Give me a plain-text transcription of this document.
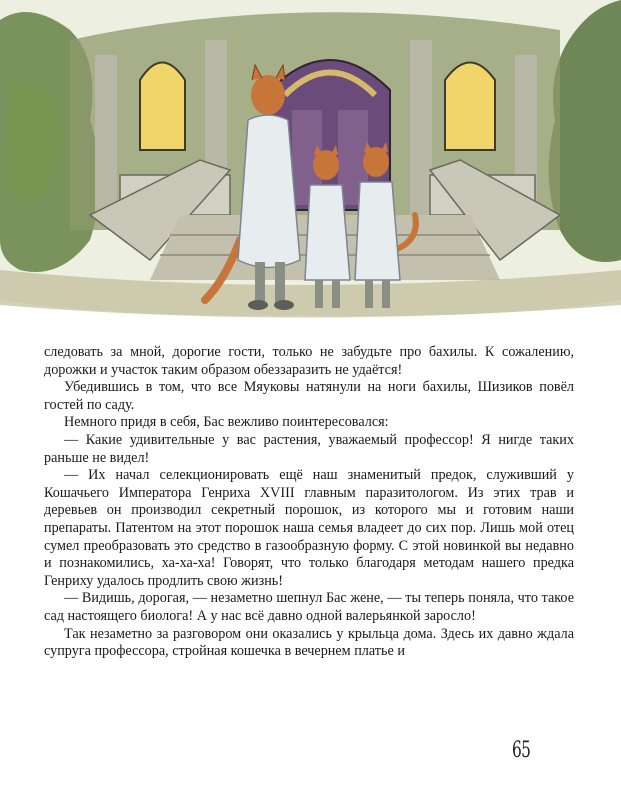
следовать за мной, дорогие гости, только не забудьте про бахилы. К сожалению, дорожки и участок таким образом обеззаразить не удаётся!

Убедившись в том, что все Мяуковы натянули на ноги бахилы, Шизиков повёл гостей по саду.

Немного придя в себя, Бас вежливо поинтересовался:

— Какие удивительные у вас растения, уважаемый профессор! Я нигде таких раньше не видел!

— Их начал селекционировать ещё наш знаменитый предок, служивший у Кошачьего Императора Генриха XVIII главным паразитологом. Из этих трав и деревьев он производил секретный порошок, из которого мы и готовим наши препараты. Патентом на этот порошок наша семья владеет до сих пор. Лишь мой отец сумел преобразовать это средство в газообразную форму. С этой новинкой вы недавно и познакомились, ха-ха-ха! Говорят, что только благодаря методам нашего предка Генриху удалось продлить свою жизнь!

— Видишь, дорогая, — незаметно шепнул Бас жене, — ты теперь поняла, что такое сад настоящего биолога! А у нас всё давно одной валерьянкой заросло!

Так незаметно за разговором они оказались у крыльца дома. Здесь их давно ждала супруга профессора, стройная кошечка в вечернем платье и

65
